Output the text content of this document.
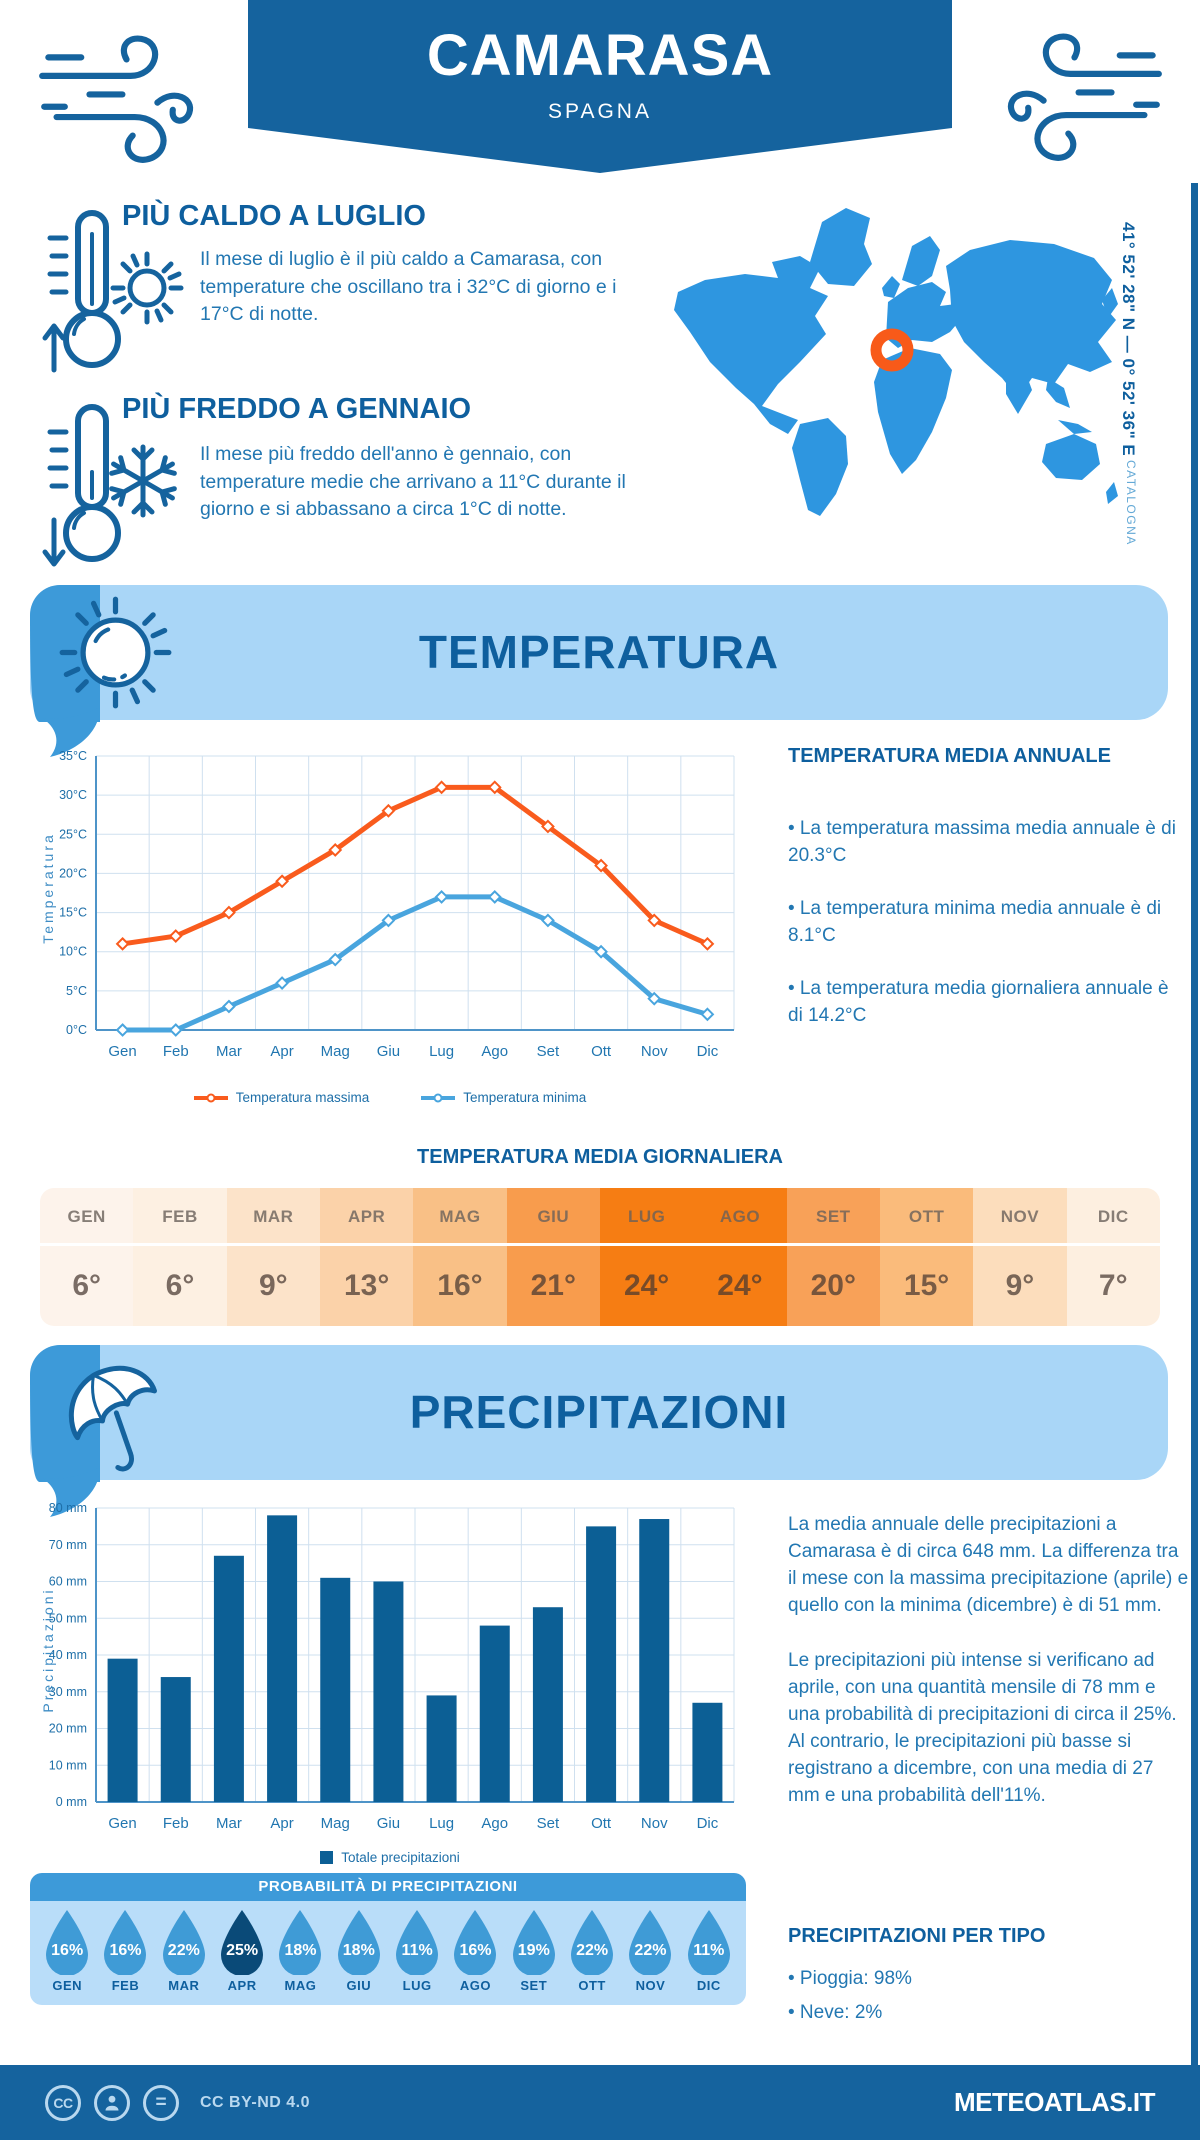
CAMARASA
SPAGNA
PIÙ CALDO A LUGLIO
Il mese di luglio è il più caldo a Camarasa, con temperature che oscillano tra i 32°C di giorno e i 17°C di notte.
PIÙ FREDDO A GENNAIO
Il mese più freddo dell'anno è gennaio, con temperature medie che arrivano a 11°C durante il giorno e si abbassano a circa 1°C di notte.
41° 52' 28" N — 0° 52' 36" E
CATALOGNA
TEMPERATURA
0°C
5°C
10°C
15°C
20°C
25°C
30°C
35°C
Gen Feb Mar Apr Mag Giu Lug Ago Set Ott Nov Dic
Temperatura
Temperatura massima	Temperatura minima
TEMPERATURA MEDIA ANNUALE
• La temperatura massima media annuale è di 20.3°C
• La temperatura minima media annuale è di 8.1°C
• La temperatura media giornaliera annuale è di 14.2°C
TEMPERATURA MEDIA GIORNALIERA
GEN
6°
FEB
6°
MAR
9°
APR
13°
MAG
16°
GIU
21°
LUG
24°
AGO
24°
SET
20°
OTT
15°
NOV
9°
DIC
7°
PRECIPITAZIONI
0 mm
10 mm
20 mm
30 mm
40 mm
50 mm
60 mm
70 mm
80 mm
Gen Feb Mar Apr Mag Giu Lug Ago Set Ott Nov Dic
Precipitazioni
Totale precipitazioni
La media annuale delle precipitazioni a Camarasa è di circa 648 mm. La differenza tra il mese con la massima precipitazione (aprile) e quello con la minima (dicembre) è di 51 mm.
Le precipitazioni più intense si verificano ad aprile, con una quantità mensile di 78 mm e una probabilità di precipitazioni di circa il 25%. Al contrario, le precipitazioni più basse si registrano a dicembre, con una media di 27 mm e una probabilità dell'11%.
PROBABILITÀ DI PRECIPITAZIONI
16%
GEN
16%
FEB
22%
MAR
25%
APR
18%
MAG
18%
GIU
11%
LUG
16%
AGO
19%
SET
22%
OTT
22%
NOV
11%
DIC
PRECIPITAZIONI PER TIPO
• Pioggia: 98%
• Neve: 2%
CC	=	CC BY-ND 4.0	METEOATLAS.IT
